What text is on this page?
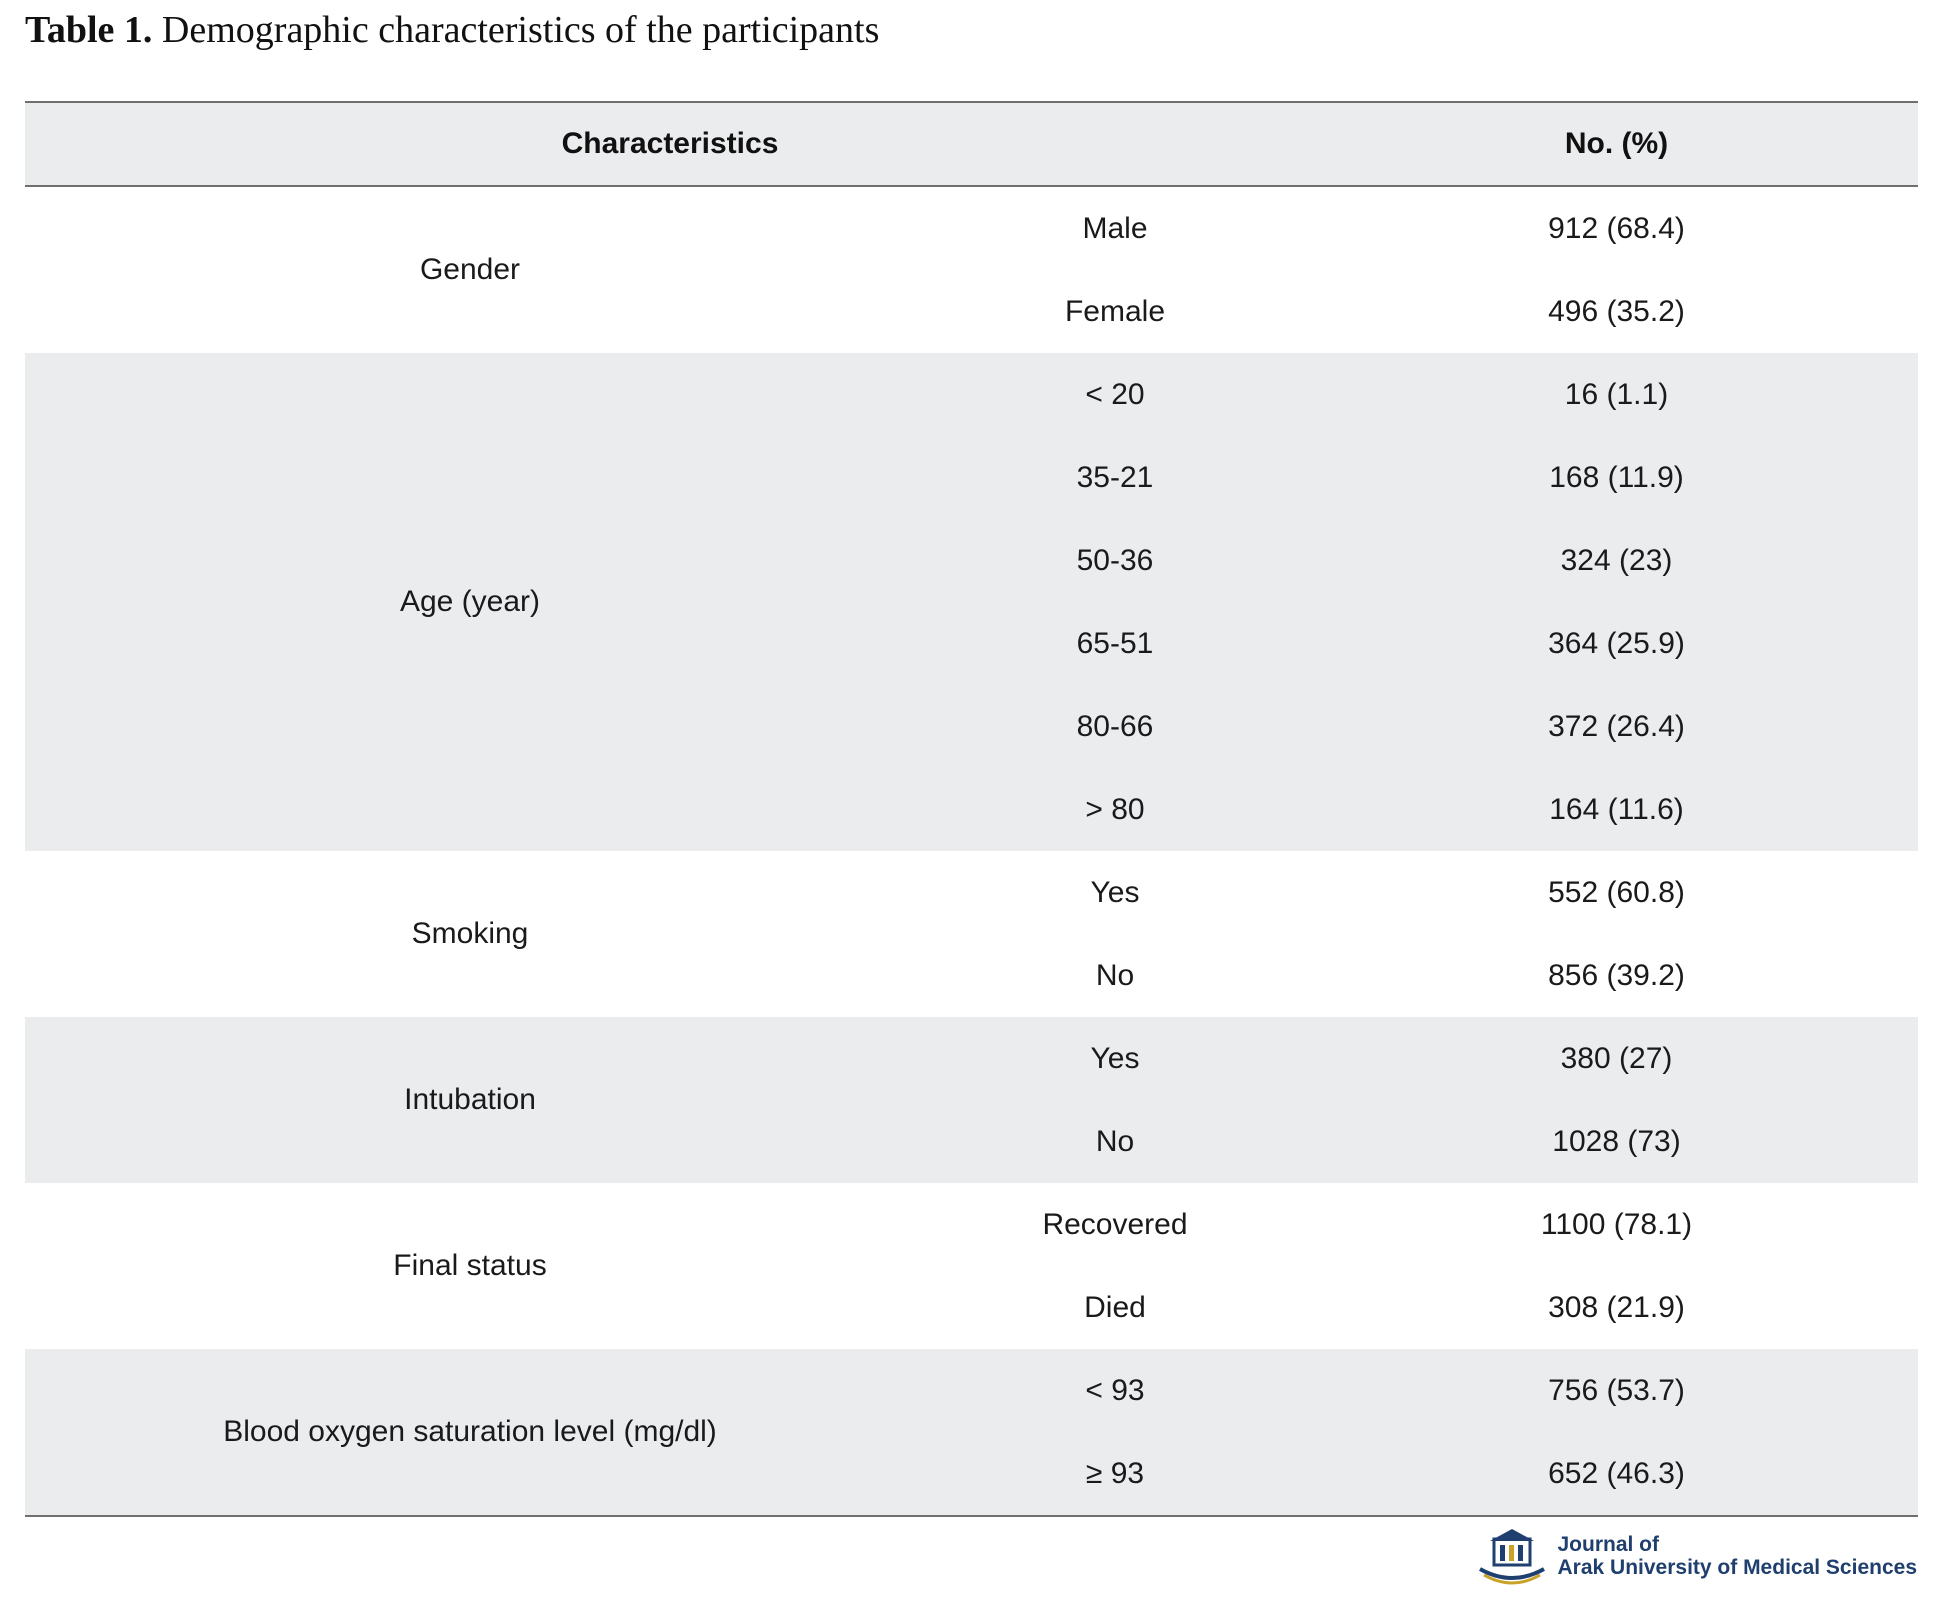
Table 1. Demographic characteristics of the participants
Characteristics	No. (%)
Gender
Male	912 (68.4)
Female	496 (35.2)
Age (year)
< 20	16 (1.1)
35-21	168 (11.9)
50-36	324 (23)
65-51	364 (25.9)
80-66	372 (26.4)
> 80	164 (11.6)
Smoking
Yes	552 (60.8)
No	856 (39.2)
Intubation
Yes	380 (27)
No	1028 (73)
Final status
Recovered	1100 (78.1)
Died	308 (21.9)
Blood oxygen saturation level (mg/dl)
< 93	756 (53.7)
≥ 93	652 (46.3)
Journal of
Arak University of Medical Sciences
